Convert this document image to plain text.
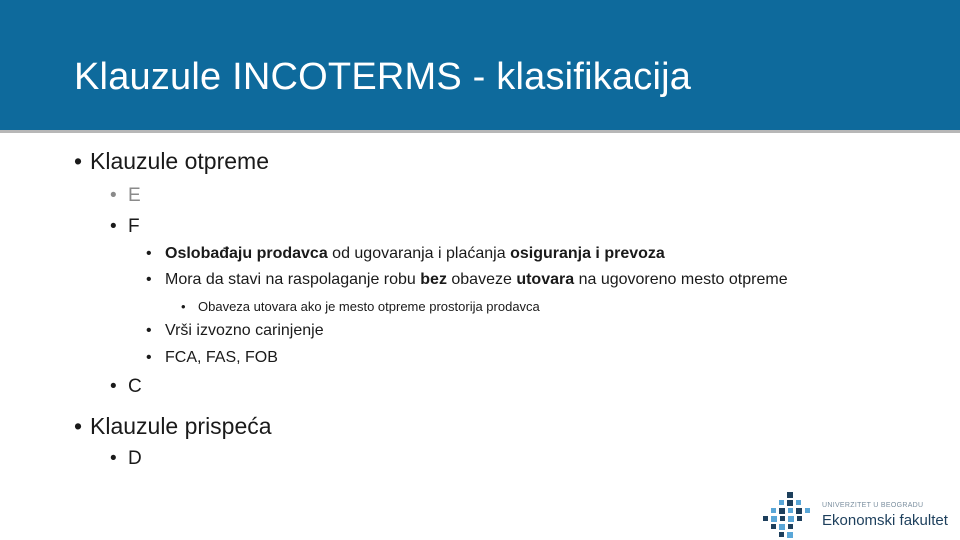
Klauzule INCOTERMS - klasifikacija
• Klauzule otpreme
• E
• F
• Oslobađaju prodavca od ugovaranja i plaćanja osiguranja i prevoza
• Mora da stavi na raspolaganje robu bez obaveze utovara na ugovoreno mesto otpreme
• Obaveza utovara ako je mesto otpreme prostorija prodavca
• Vrši izvozno carinjenje
• FCA, FAS, FOB
• C
• Klauzule prispeća
• D
UNIVERZITET U BEOGRADU
Ekonomski fakultet
